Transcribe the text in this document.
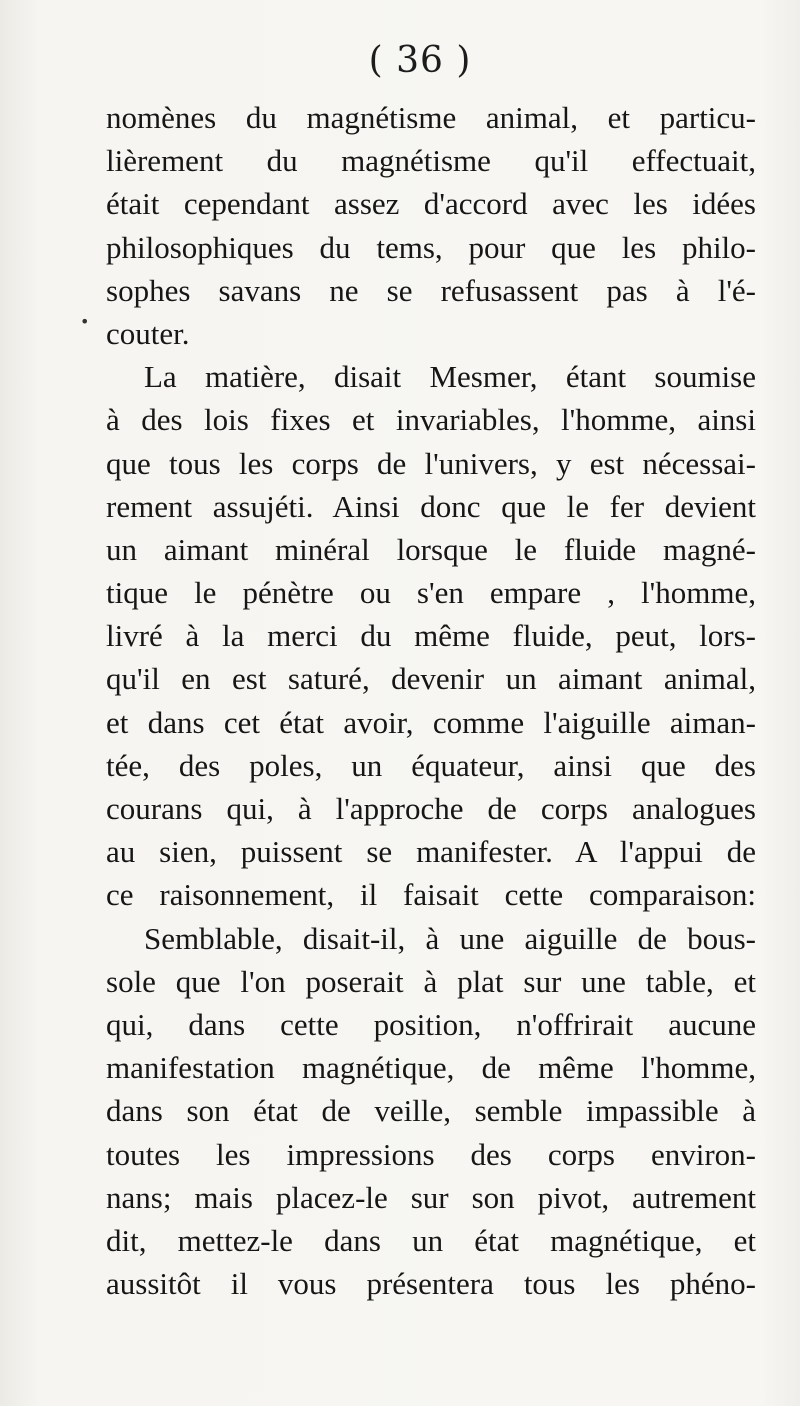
( 36 )
nomènes du magnétisme animal, et particu-
lièrement du magnétisme qu'il effectuait,
était cependant assez d'accord avec les idées
philosophiques du tems, pour que les philo-
sophes savans ne se refusassent pas à l'é-
couter.
La matière, disait Mesmer, étant soumise
à des lois fixes et invariables, l'homme, ainsi
que tous les corps de l'univers, y est nécessai-
rement assujéti. Ainsi donc que le fer devient
un aimant minéral lorsque le fluide magné-
tique le pénètre ou s'en empare , l'homme,
livré à la merci du même fluide, peut, lors-
qu'il en est saturé, devenir un aimant animal,
et dans cet état avoir, comme l'aiguille aiman-
tée, des poles, un équateur, ainsi que des
courans qui, à l'approche de corps analogues
au sien, puissent se manifester. A l'appui de
ce raisonnement, il faisait cette comparaison:
Semblable, disait-il, à une aiguille de bous-
sole que l'on poserait à plat sur une table, et
qui, dans cette position, n'offrirait aucune
manifestation magnétique, de même l'homme,
dans son état de veille, semble impassible à
toutes les impressions des corps environ-
nans; mais placez-le sur son pivot, autrement
dit, mettez-le dans un état magnétique, et
aussitôt il vous présentera tous les phéno-
•
